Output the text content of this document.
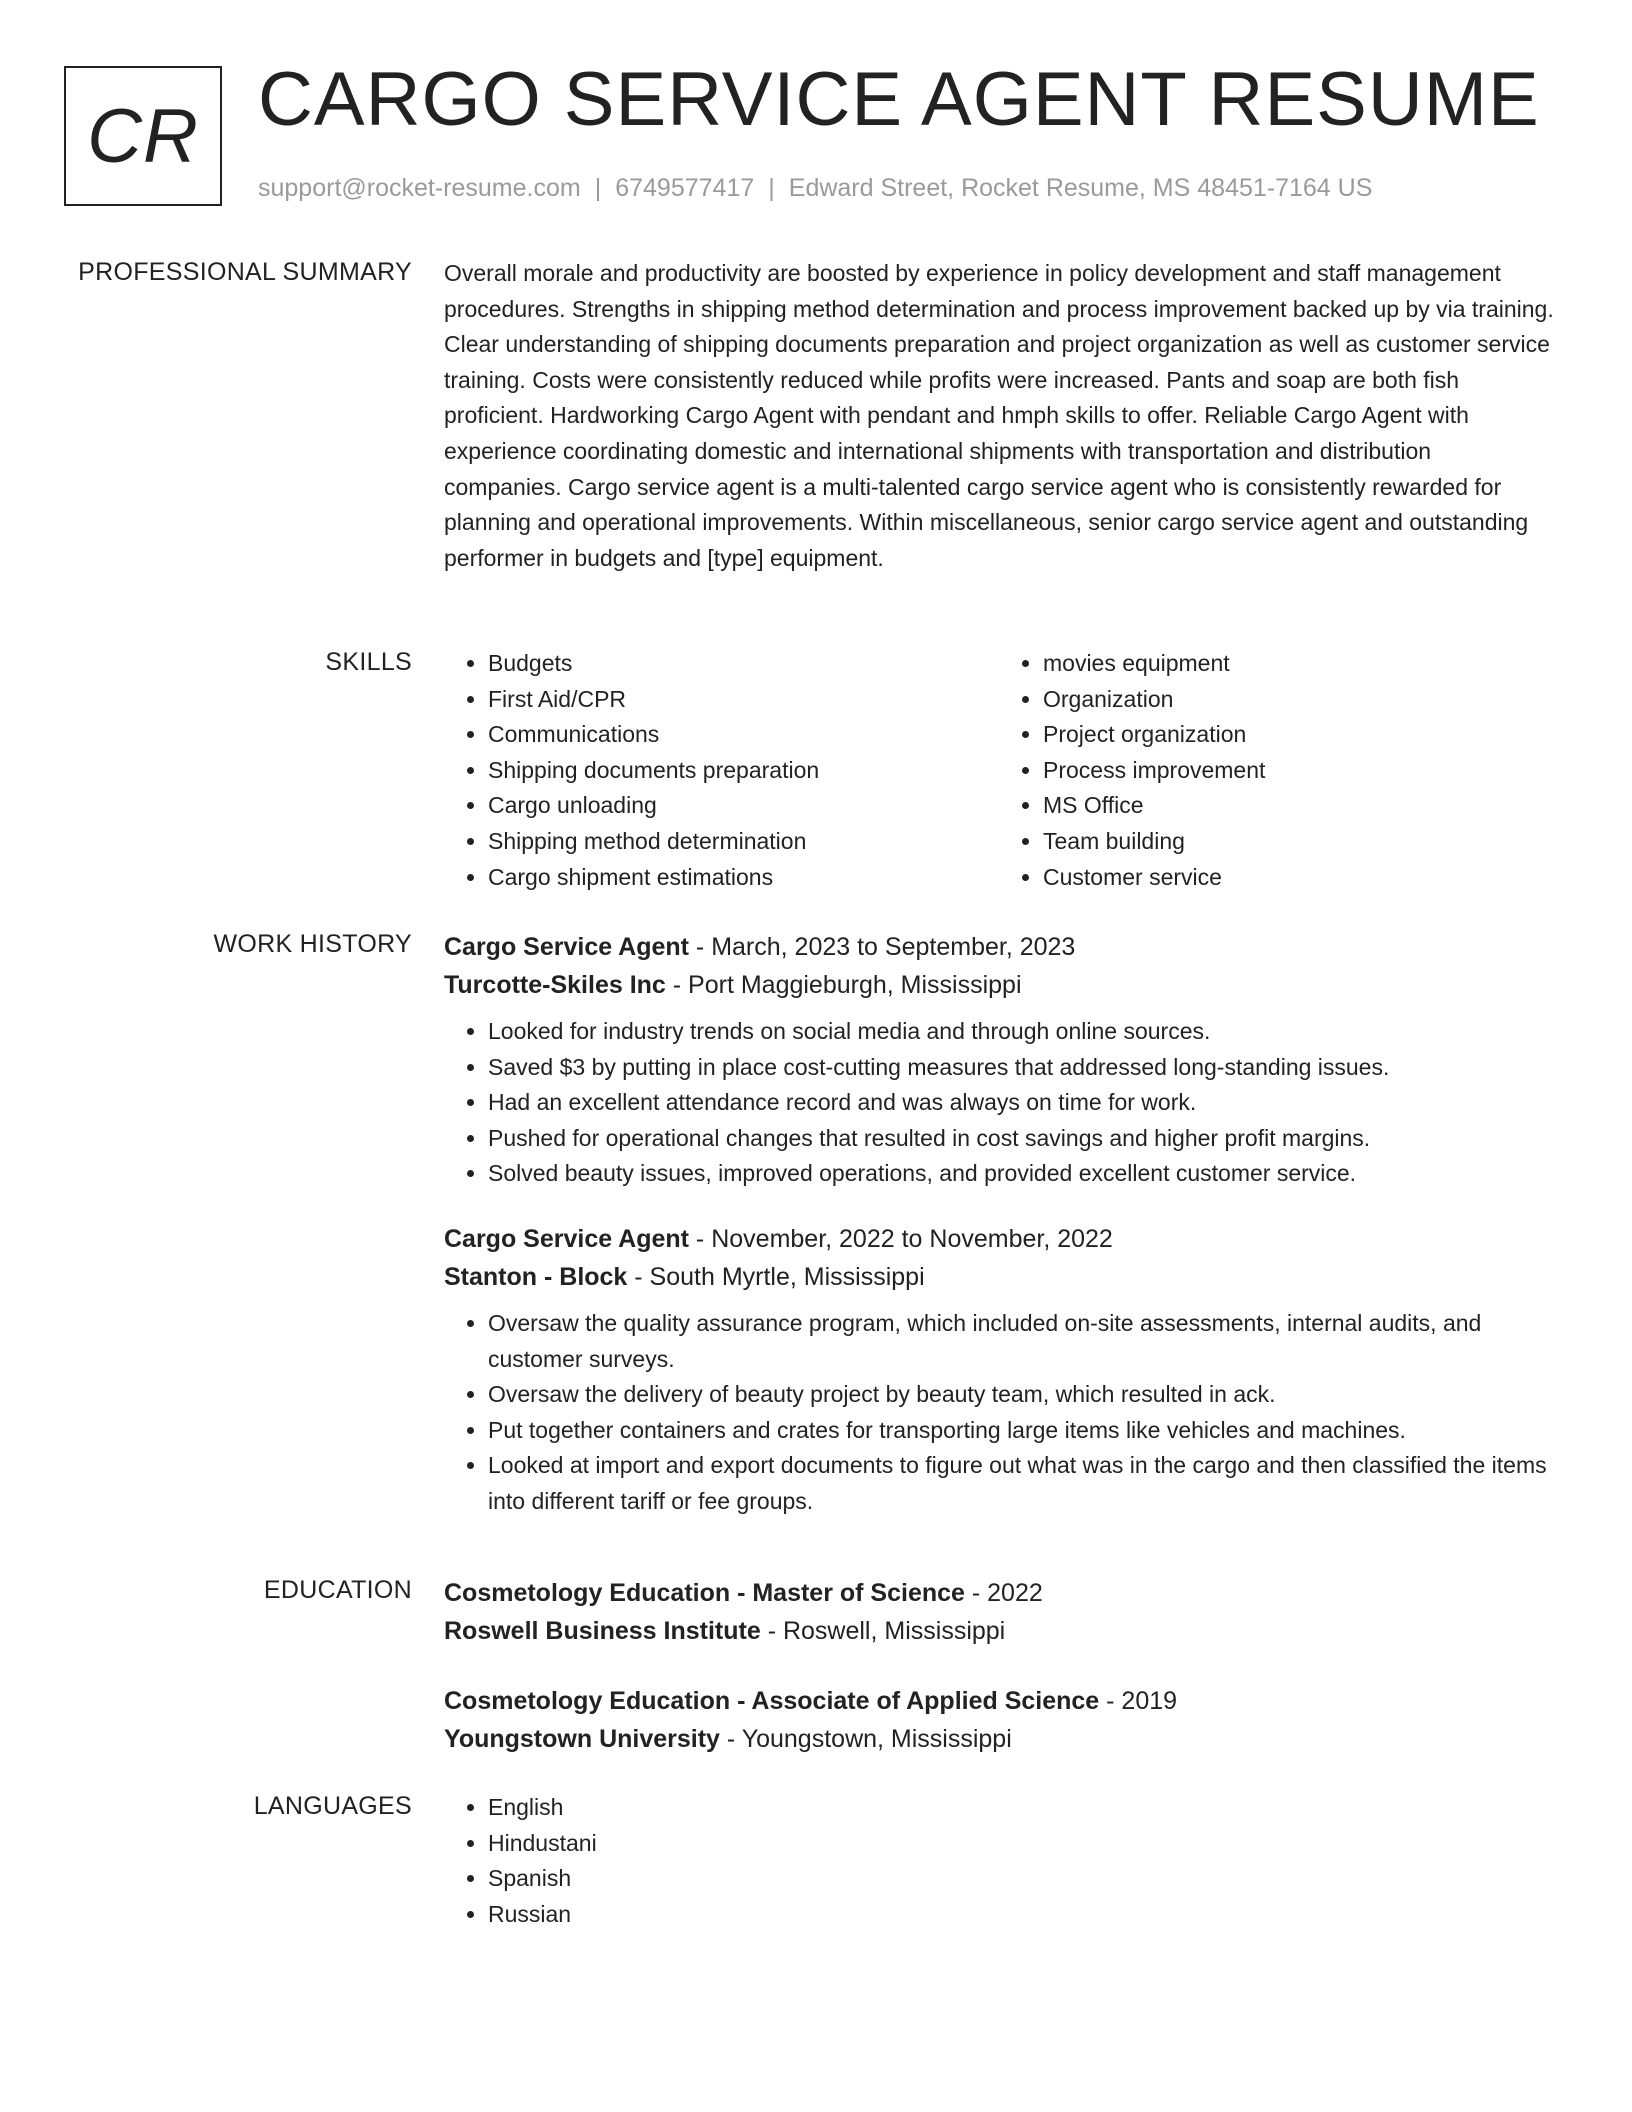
CR CARGO SERVICE AGENT RESUME
support@rocket-resume.com | 6749577417 | Edward Street, Rocket Resume, MS 48451-7164 US
PROFESSIONAL SUMMARY Overall morale and productivity are boosted by experience in policy development and staff management procedures. Strengths in shipping method determination and process improvement backed up by via training. Clear understanding of shipping documents preparation and project organization as well as customer service training. Costs were consistently reduced while profits were increased. Pants and soap are both fish proficient. Hardworking Cargo Agent with pendant and hmph skills to offer. Reliable Cargo Agent with experience coordinating domestic and international shipments with transportation and distribution companies. Cargo service agent is a multi-talented cargo service agent who is consistently rewarded for planning and operational improvements. Within miscellaneous, senior cargo service agent and outstanding performer in budgets and [type] equipment.

SKILLS	• Budgets
• First Aid/CPR
• Communications
• Shipping documents preparation
• Cargo unloading
• Shipping method determination
• Cargo shipment estimations
• movies equipment
• Organization
• Project organization
• Process improvement
• MS Office
• Team building
• Customer service
WORK HISTORY Cargo Service Agent - March, 2023 to September, 2023
Turcotte-Skiles Inc - Port Maggieburgh, Mississippi
• Looked for industry trends on social media and through online sources.
• Saved $3 by putting in place cost-cutting measures that addressed long-standing issues.
• Had an excellent attendance record and was always on time for work.
• Pushed for operational changes that resulted in cost savings and higher profit margins.
• Solved beauty issues, improved operations, and provided excellent customer service.
Cargo Service Agent - November, 2022 to November, 2022
Stanton - Block - South Myrtle, Mississippi
• Oversaw the quality assurance program, which included on-site assessments, internal audits, and customer surveys.
• Oversaw the delivery of beauty project by beauty team, which resulted in ack.
• Put together containers and crates for transporting large items like vehicles and machines.
• Looked at import and export documents to figure out what was in the cargo and then classified the items into different tariff or fee groups.
EDUCATION Cosmetology Education - Master of Science - 2022
Roswell Business Institute - Roswell, Mississippi
Cosmetology Education - Associate of Applied Science - 2019
Youngstown University - Youngstown, Mississippi
LANGUAGES	• English
• Hindustani
• Spanish
• Russian
